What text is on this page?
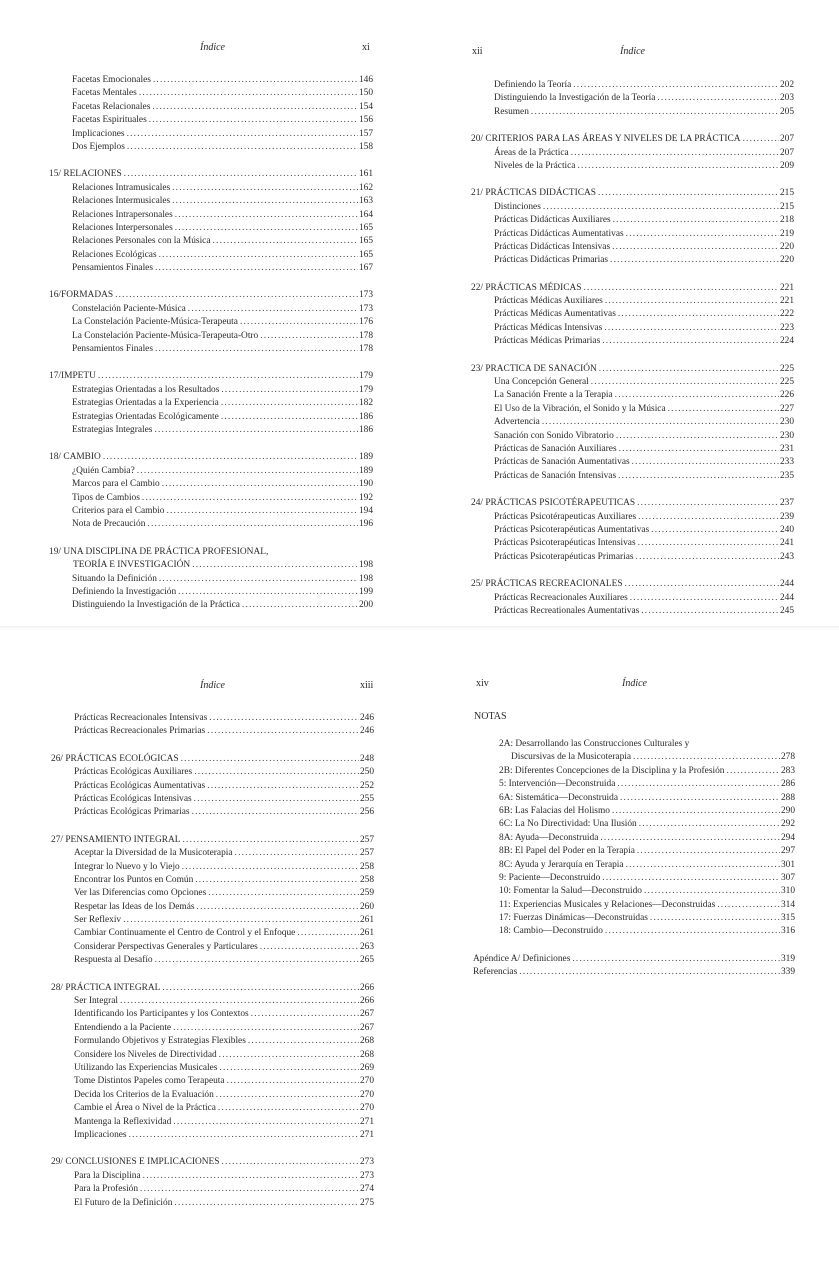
Índice	xi
Facetas Emocionales .....	146
Facetas Mentales .....	150
Facetas Relacionales .....	154
Facetas Espirituales .....	156
Implicaciones .....	157
Dos Ejemplos .....	158
15/ RELACIONES .....	161
Relaciones Intramusicales .....	162
Relaciones Intermusicales .....	163
Relaciones Intrapersonales .....	164
Relaciones Interpersonales .....	165
Relaciones Personales con la Música .....	165
Relaciones Ecológicas .....	165
Pensamientos Finales .....	167
16/FORMADAS .....	173
Constelación Paciente-Música .....	173
La Constelación Paciente-Música-Terapeuta .....	176
La Constelación Paciente-Música-Terapeuta-Otro .....	178
Pensamientos Finales .....	178
17/IMPETU .....	179
Estrategias Orientadas a los Resultados .....	179
Estrategias Orientadas a la Experiencia .....	182
Estrategias Orientadas Ecológicamente .....	186
Estrategias Integrales .....	186
18/ CAMBIO .....	189
¿Quién Cambia? .....	189
Marcos para el Cambio .....	190
Tipos de Cambios .....	192
Criterios para el Cambio .....	194
Nota de Precaución .....	196
19/ UNA DISCIPLINA DE PRÁCTICA PROFESIONAL,
TEORÍA E INVESTIGACIÓN .....	198
Situando la Definición .....	198
Definiendo la Investigación .....	199
Distinguiendo la Investigación de la Práctica .....	200
xii	Índice
Definiendo la Teoría .....	202
Distinguiendo la Investigación de la Teoría .....	203
Resumen .....	205
20/ CRITERIOS PARA LAS ÁREAS Y NIVELES DE LA PRÁCTICA .....	207
Áreas de la Práctica .....	207
Niveles de la Práctica .....	209
21/ PRÁCTICAS DIDÁCTICAS .....	215
Distinciones .....	215
Prácticas Didácticas Auxiliares .....	218
Prácticas Didácticas Aumentativas .....	219
Prácticas Didácticas Intensivas .....	220
Prácticas Didácticas Primarias .....	220
22/ PRÁCTICAS MÉDICAS .....	221
Prácticas Médicas Auxiliares .....	221
Prácticas Médicas Aumentativas .....	222
Prácticas Médicas Intensivas .....	223
Prácticas Médicas Primarias .....	224
23/ PRACTICA DE SANACIÓN .....	225
Una Concepción General .....	225
La Sanación Frente a la Terapia .....	226
El Uso de la Vibración, el Sonido y la Música .....	227
Advertencia .....	230
Sanación con Sonido Vibratorio .....	230
Prácticas de Sanación Auxiliares .....	231
Prácticas de Sanación Aumentativas .....	233
Prácticas de Sanación Intensivas .....	235
24/ PRÁCTICAS PSICOTÉRAPEUTICAS .....	237
Prácticas Psicotérapeuticas Auxiliares .....	239
Prácticas Psicoterapéuticas Aumentativas .....	240
Prácticas Psicoterapéuticas Intensivas .....	241
Prácticas Psicoterapéuticas Primarias .....	243
25/ PRÁCTICAS RECREACIONALES .....	244
Prácticas Recreacionales Auxiliares .....	244
Prácticas Recreationales Aumentativas .....	245
Índice	xiii
Prácticas Recreacionales Intensivas .....	246
Prácticas Recreacionales Primarias .....	246
26/ PRÁCTICAS ECOLÓGICAS .....	248
Prácticas Ecológicas Auxiliares .....	250
Prácticas Ecológicas Aumentativas .....	252
Prácticas Ecológicas Intensivas .....	255
Prácticas Ecológicas Primarias .....	256
27/ PENSAMIENTO INTEGRAL .....	257
Aceptar la Diversidad de la Musicoterapia .....	257
Integrar lo Nuevo y lo Viejo .....	258
Encontrar los Puntos en Común .....	258
Ver las Diferencias como Opciones .....	259
Respetar las Ideas de los Demás .....	260
Ser Reflexiv .....	261
Cambiar Continuamente el Centro de Control y el Enfoque .....	261
Considerar Perspectivas Generales y Particulares .....	263
Respuesta al Desafío .....	265
28/ PRÁCTICA INTEGRAL .....	266
Ser Integral .....	266
Identificando los Participantes y los Contextos .....	267
Entendiendo a la Paciente .....	267
Formulando Objetivos y Estrategias Flexibles .....	268
Considere los Niveles de Directividad .....	268
Utilizando las Experiencias Musicales .....	269
Tome Distintos Papeles como Terapeuta .....	270
Decida los Criterios de la Evaluación .....	270
Cambie el Área o Nivel de la Práctica .....	270
Mantenga la Reflexividad .....	271
Implicaciones .....	271
29/ CONCLUSIONES E IMPLICACIONES .....	273
Para la Disciplina .....	273
Para la Profesión .....	274
El Futuro de la Definición .....	275
xiv	Índice
NOTAS
2A: Desarrollando las Construcciones Culturales y
Discursivas de la Musicoterapia .....	278
2B: Diferentes Concepciones de la Disciplina y la Profesión .....	283
5: Intervención—Deconstruida .....	286
6A: Sistemática—Deconstruida .....	288
6B: Las Falacias del Holismo .....	290
6C: La No Directividad: Una Ilusión .....	292
8A: Ayuda—Deconstruida .....	294
8B: El Papel del Poder en la Terapia .....	297
8C: Ayuda y Jerarquía en Terapia .....	301
9: Paciente—Deconstruido .....	307
10: Fomentar la Salud—Deconstruido .....	310
11: Experiencias Musicales y Relaciones—Deconstruidas .....	314
17: Fuerzas Dinámicas—Deconstruidas .....	315
18: Cambio—Deconstruido .....	316
Apéndice A/ Definiciones .....	319
Referencias .....	339
